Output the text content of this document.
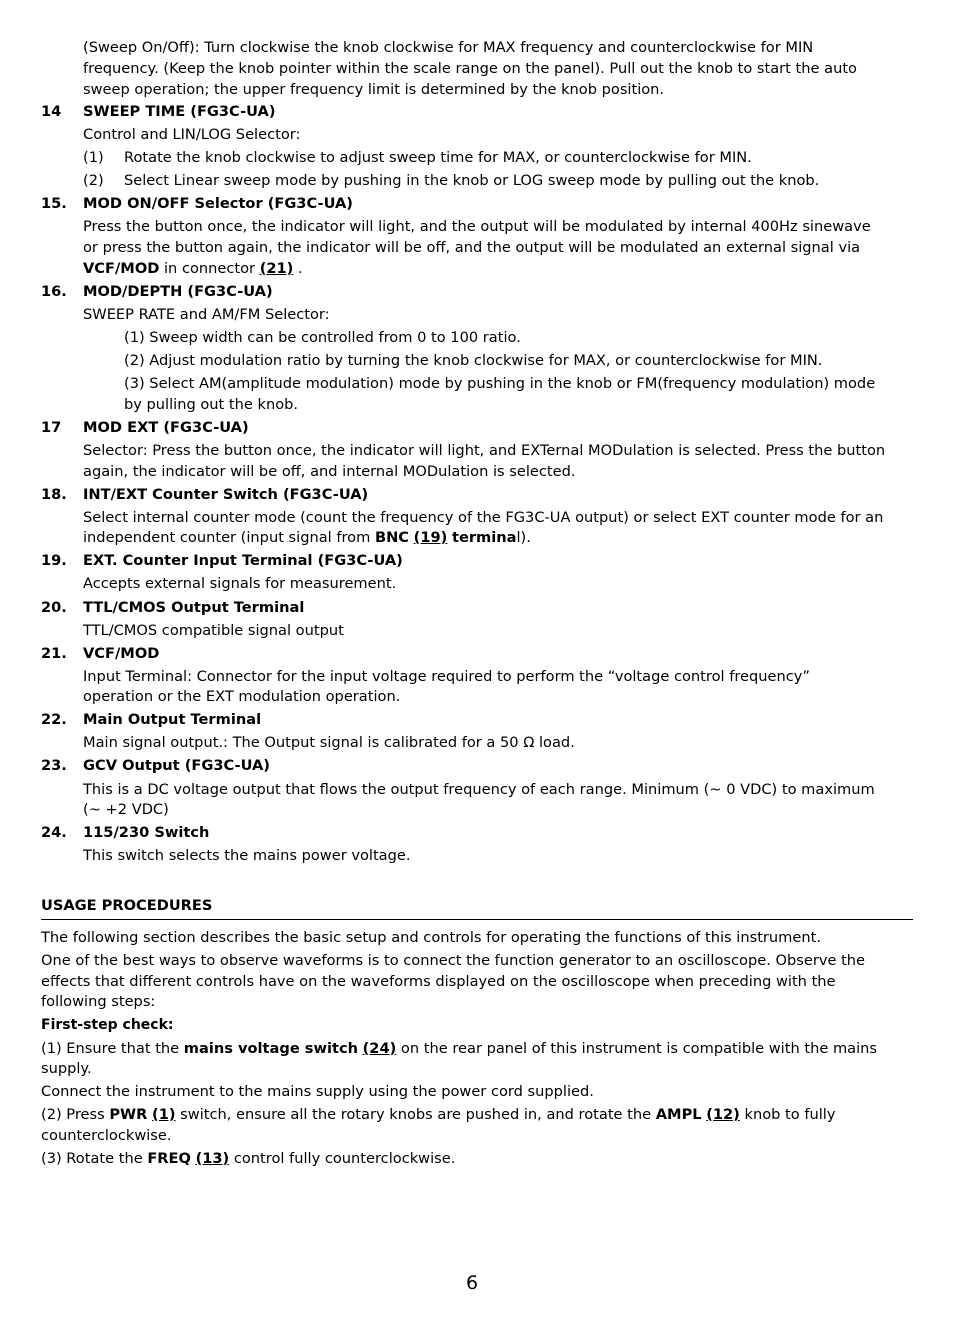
(Sweep On/Off): Turn clockwise the knob clockwise for MAX frequency and counterclockwise for MIN

frequency. (Keep the knob pointer within the scale range on the panel). Pull out the knob to start the auto

sweep operation; the upper frequency limit is determined by the knob position.

14 SWEEP TIME (FG3C-UA)

Control and LIN/LOG Selector:

(1) Rotate the knob clockwise to adjust sweep time for MAX, or counterclockwise for MIN.

(2) Select Linear sweep mode by pushing in the knob or LOG sweep mode by pulling out the knob.

15. MOD ON/OFF Selector (FG3C-UA)

Press the button once, the indicator will light, and the output will be modulated by internal 400Hz sinewave

or press the button again, the indicator will be off, and the output will be modulated an external signal via

VCF/MOD in connector (21) .

16. MOD/DEPTH (FG3C-UA)

SWEEP RATE and AM/FM Selector:

(1) Sweep width can be controlled from 0 to 100 ratio.

(2) Adjust modulation ratio by turning the knob clockwise for MAX, or counterclockwise for MIN.

(3) Select AM(amplitude modulation) mode by pushing in the knob or FM(frequency modulation) mode

by pulling out the knob.

17 MOD EXT (FG3C-UA)

Selector: Press the button once, the indicator will light, and EXTernal MODulation is selected. Press the button

again, the indicator will be off, and internal MODulation is selected.

18. INT/EXT Counter Switch (FG3C-UA)

Select internal counter mode (count the frequency of the FG3C-UA output) or select EXT counter mode for an

independent counter (input signal from BNC (19) terminal).

19. EXT. Counter Input Terminal (FG3C-UA)

Accepts external signals for measurement.

20. TTL/CMOS Output Terminal

TTL/CMOS compatible signal output

21. VCF/MOD

Input Terminal: Connector for the input voltage required to perform the “voltage control frequency”

operation or the EXT modulation operation.

22. Main Output Terminal

Main signal output.: The Output signal is calibrated for a 50 Ω load.

23. GCV Output (FG3C-UA)

This is a DC voltage output that flows the output frequency of each range. Minimum (~ 0 VDC) to maximum

(~ +2 VDC)

24. 115/230 Switch

This switch selects the mains power voltage.

USAGE PROCEDURES

The following section describes the basic setup and controls for operating the functions of this instrument.

One of the best ways to observe waveforms is to connect the function generator to an oscilloscope. Observe the

effects that different controls have on the waveforms displayed on the oscilloscope when preceding with the

following steps:

First-step check:

(1) Ensure that the mains voltage switch (24) on the rear panel of this instrument is compatible with the mains

supply.

Connect the instrument to the mains supply using the power cord supplied.

(2) Press PWR (1) switch, ensure all the rotary knobs are pushed in, and rotate the AMPL (12) knob to fully

counterclockwise.

(3) Rotate the FREQ (13) control fully counterclockwise.

6
